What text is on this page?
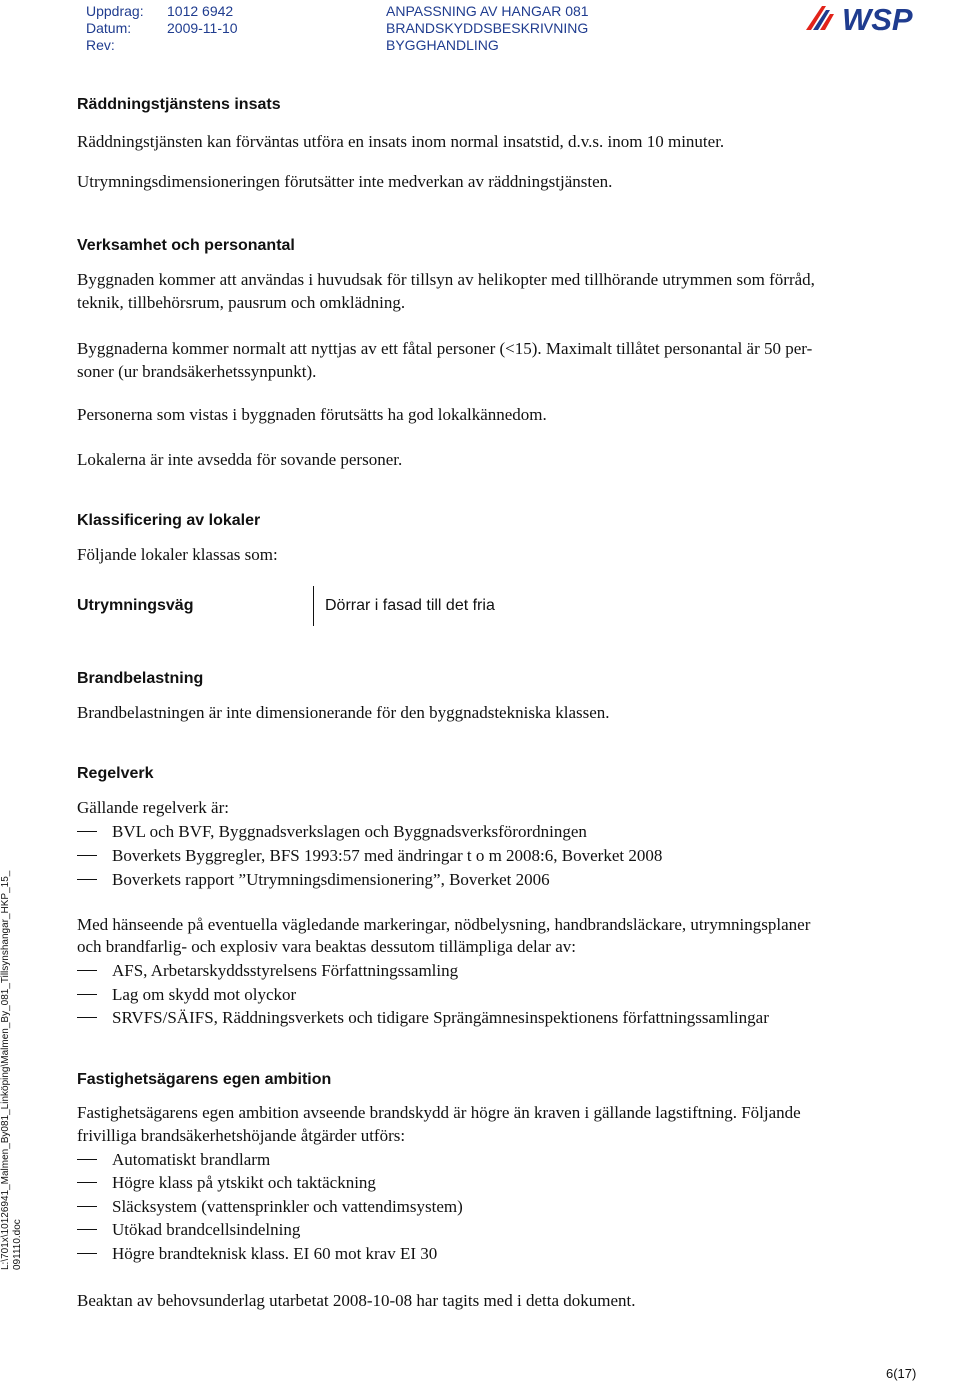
Uppdrag: 1012 6942
Datum:	2009-11-10
Rev:
ANPASSNING AV HANGAR 081
BRANDSKYDDSBESKRIVNING
BYGGHANDLING
WSP
Räddningstjänstens insats
Räddningstjänsten kan förväntas utföra en insats inom normal insatstid, d.v.s. inom 10 minuter.
Utrymningsdimensioneringen förutsätter inte medverkan av räddningstjänsten.
Verksamhet och personantal
Byggnaden kommer att användas i huvudsak för tillsyn av helikopter med tillhörande utrymmen som förråd,
teknik, tillbehörsrum, pausrum och omklädning.
Byggnaderna kommer normalt att nyttjas av ett fåtal personer (<15). Maximalt tillåtet personantal är 50 per-
soner (ur brandsäkerhetssynpunkt).
Personerna som vistas i byggnaden förutsätts ha god lokalkännedom.
Lokalerna är inte avsedda för sovande personer.
Klassificering av lokaler
Följande lokaler klassas som:
Utrymningsväg	Dörrar i fasad till det fria
Brandbelastning
Brandbelastningen är inte dimensionerande för den byggnadstekniska klassen.
Regelverk
Gällande regelverk är:
BVL och BVF, Byggnadsverkslagen och Byggnadsverksförordningen
Boverkets Byggregler, BFS 1993:57 med ändringar t o m 2008:6, Boverket 2008
Boverkets rapport ”Utrymningsdimensionering”, Boverket 2006
Med hänseende på eventuella vägledande markeringar, nödbelysning, handbrandsläckare, utrymningsplaner
och brandfarlig- och explosiv vara beaktas dessutom tillämpliga delar av:
AFS, Arbetarskyddsstyrelsens Författningssamling
Lag om skydd mot olyckor
SRVFS/SÄIFS, Räddningsverkets och tidigare Sprängämnesinspektionens författningssamlingar
Fastighetsägarens egen ambition
Fastighetsägarens egen ambition avseende brandskydd är högre än kraven i gällande lagstiftning. Följande
frivilliga brandsäkerhetshöjande åtgärder utförs:
Automatiskt brandlarm
Högre klass på ytskikt och taktäckning
Släcksystem (vattensprinkler och vattendimsystem)
Utökad brandcellsindelning
Högre brandteknisk klass. EI 60 mot krav EI 30
Beaktan av behovsunderlag utarbetat 2008-10-08 har tagits med i detta dokument.
L:\701x\10126941_Malmen_By081_Linköping\Malmen_By_081_Tillsynshangar_HKP_15_ 091110.doc
6(17)
